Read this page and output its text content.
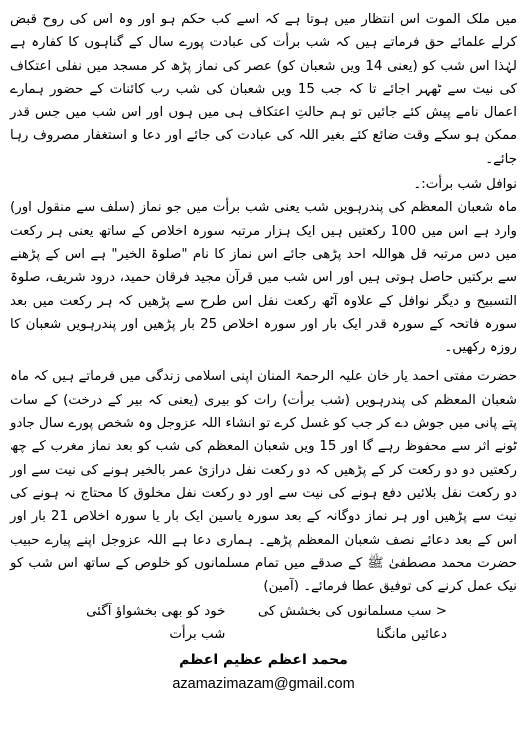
میں ملک الموت اس انتظار میں ہوتا ہے کہ اسے کب حکم ہو اور وہ اس کی روح قبض کرلے علمائے حق فرماتے ہیں کہ شب برأت کی عبادت پورے سال کے گناہوں کا کفارہ ہے لہٰذا اس شب کو (یعنی 14 ویں شعبان کو) عصر کی نماز پڑھ کر مسجد میں نفلی اعتکاف کی نیت سے ٹھہر اجائے تا کہ جب 15 ویں شعبان کی شب رب کائنات کے حضور ہمارے اعمال نامے پیش کئے جائیں تو ہم حالتِ اعتکاف ہی میں ہوں اور اس شب میں جس قدر ممکن ہو سکے وقت ضائع کئے بغیر اللہ کی عبادت کی جائے اور دعا و استغفار مصروف رہا جائے۔

نوافل شب برأت:۔

ماہ شعبان المعظم کی پندرہویں شب یعنی شب برأت میں جو نماز (سلف سے منقول اور) وارد ہے اس میں 100 رکعتیں ہیں ایک ہزار مرتبہ سورہ اخلاص کے ساتھ یعنی ہر رکعت میں دس مرتبہ قل ھواللہ احد پڑھی جائے اس نماز کا نام "صلوۃ الخیر" ہے اس کے پڑھنے سے برکتیں حاصل ہوتی ہیں اور اس شب میں قرآن مجید فرقان حمید، درود شریف، صلوۃ التسبیح و دیگر نوافل کے علاوہ آٹھ رکعت نفل اس طرح سے پڑھیں کہ ہر رکعت میں بعد سورہ فاتحہ کے سورہ قدر ایک بار اور سورہ اخلاص 25 بار پڑھیں اور پندرہویں شعبان کا روزہ رکھیں۔

حضرت مفتی احمد یار خان علیہ الرحمۃ المنان اپنی اسلامی زندگی میں فرماتے ہیں کہ ماہ شعبان المعظم کی پندرہویں (شب برأت) رات کو بیری (یعنی کہ بیر کے درخت) کے سات پتے پانی میں جوش دے کر جب کو غسل کرے تو انشاء اللہ عزوجل وہ شخص پورے سال جادو ٹونے اثر سے محفوظ رہے گا اور 15 ویں شعبان المعظم کی شب کو بعد نماز مغرب کے چھ رکعتیں دو دو رکعت کر کے پڑھیں کہ دو رکعت نفل درازیٔ عمر بالخیر ہونے کی نیت سے اور دو رکعت نفل بلائیں دفع ہونے کی نیت سے اور دو رکعت نفل مخلوق کا محتاج نہ ہونے کی نیت سے پڑھیں اور ہر نماز دوگانہ کے بعد سورہ یاسین ایک بار یا سورہ اخلاص 21 بار اور اس کے بعد دعائے نصف شعبان المعظم پڑھے۔ ہماری دعا ہے اللہ عزوجل اپنے پیارے حبیب حضرت محمد مصطفیٰ ﷺ کے صدقے میں تمام مسلمانوں کو خلوص کے ساتھ اس شب کو نیک عمل کرنے کی توفیق عطا فرمائے۔ (آمین)

< سب مسلمانوں کی بخشش کی دعائیں مانگنا
خود کو بھی بخشواؤ آگئی شب برأت
محمد اعظم عظیم اعظم
azamazimazam@gmail.com
